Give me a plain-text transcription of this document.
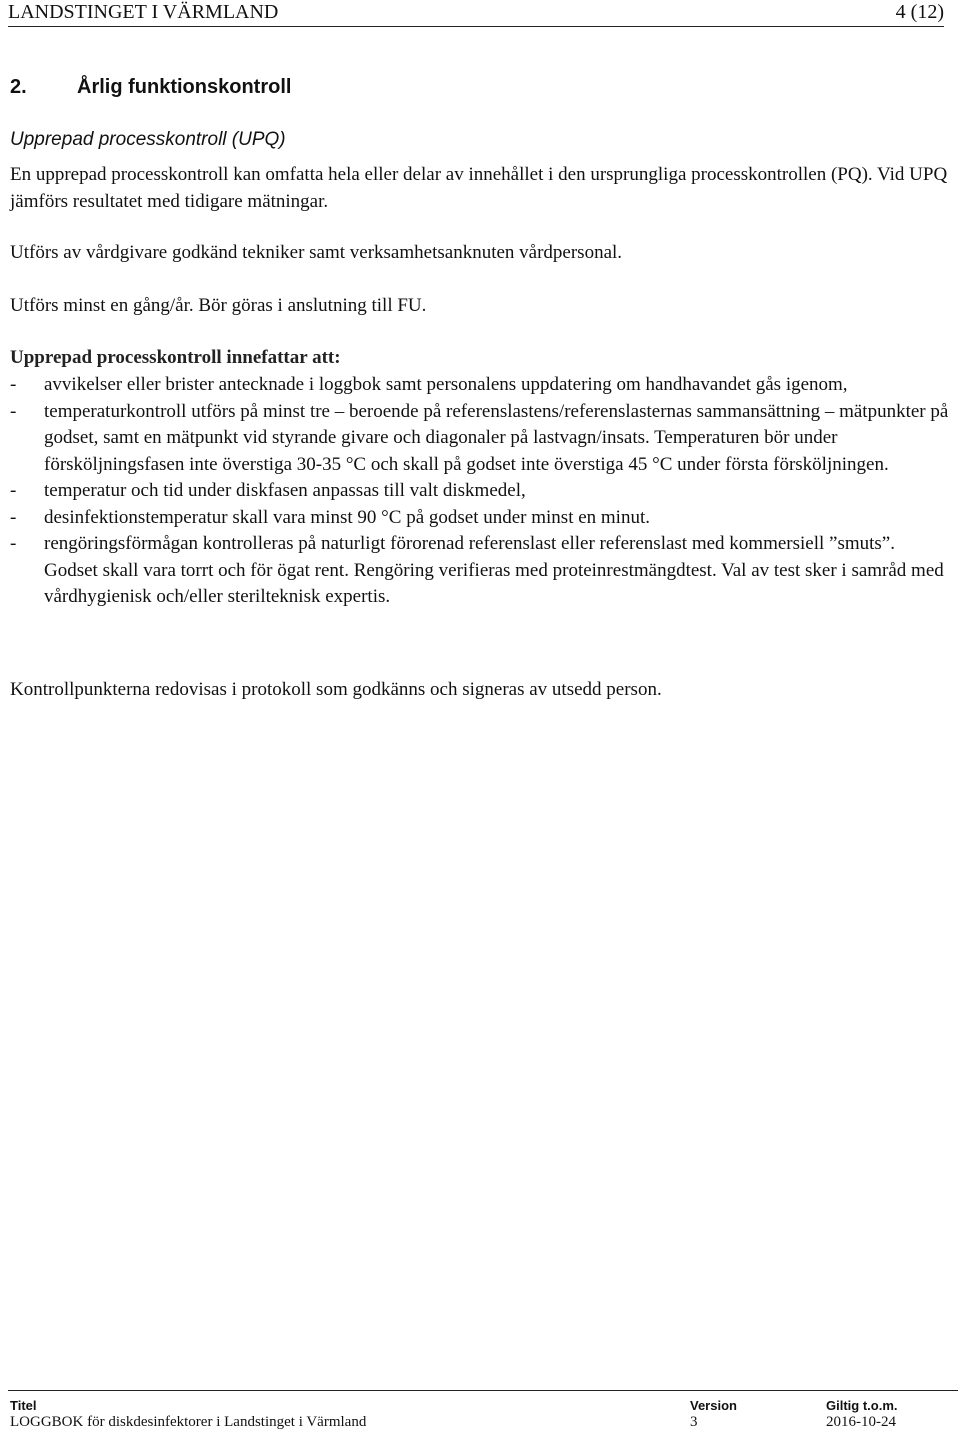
LANDSTINGET I VÄRMLAND	4 (12)
2.	Årlig funktionskontroll
Upprepad processkontroll (UPQ)
En upprepad processkontroll kan omfatta hela eller delar av innehållet i den ursprungliga processkontrollen (PQ). Vid UPQ jämförs resultatet med tidigare mätningar.
Utförs av vårdgivare godkänd tekniker samt verksamhetsanknuten vårdpersonal.
Utförs minst en gång/år. Bör göras i anslutning till FU.
Upprepad processkontroll innefattar att:
- avvikelser eller brister antecknade i loggbok samt personalens uppdatering om handhavandet gås igenom,
- temperaturkontroll utförs på minst tre – beroende på referenslastens/referenslasternas sammansättning – mätpunkter på godset, samt en mätpunkt vid styrande givare och diagonaler på lastvagn/insats. Temperaturen bör under försköljningsfasen inte överstiga 30-35 °C och skall på godset inte överstiga 45 °C under första försköljningen.
- temperatur och tid under diskfasen anpassas till valt diskmedel,
- desinfektionstemperatur skall vara minst 90 °C på godset under minst en minut.
- rengöringsförmågan kontrolleras på naturligt förorenad referenslast eller referenslast med kommersiell ”smuts”. Godset skall vara torrt och för ögat rent. Rengöring verifieras med proteinrestmängdtest. Val av test sker i samråd med vårdhygienisk och/eller sterilteknisk expertis.
Kontrollpunkterna redovisas i protokoll som godkänns och signeras av utsedd person.
Titel
LOGGBOK för diskdesinfektorer i Landstinget i Värmland
Version
3
Giltig t.o.m.
2016-10-24
